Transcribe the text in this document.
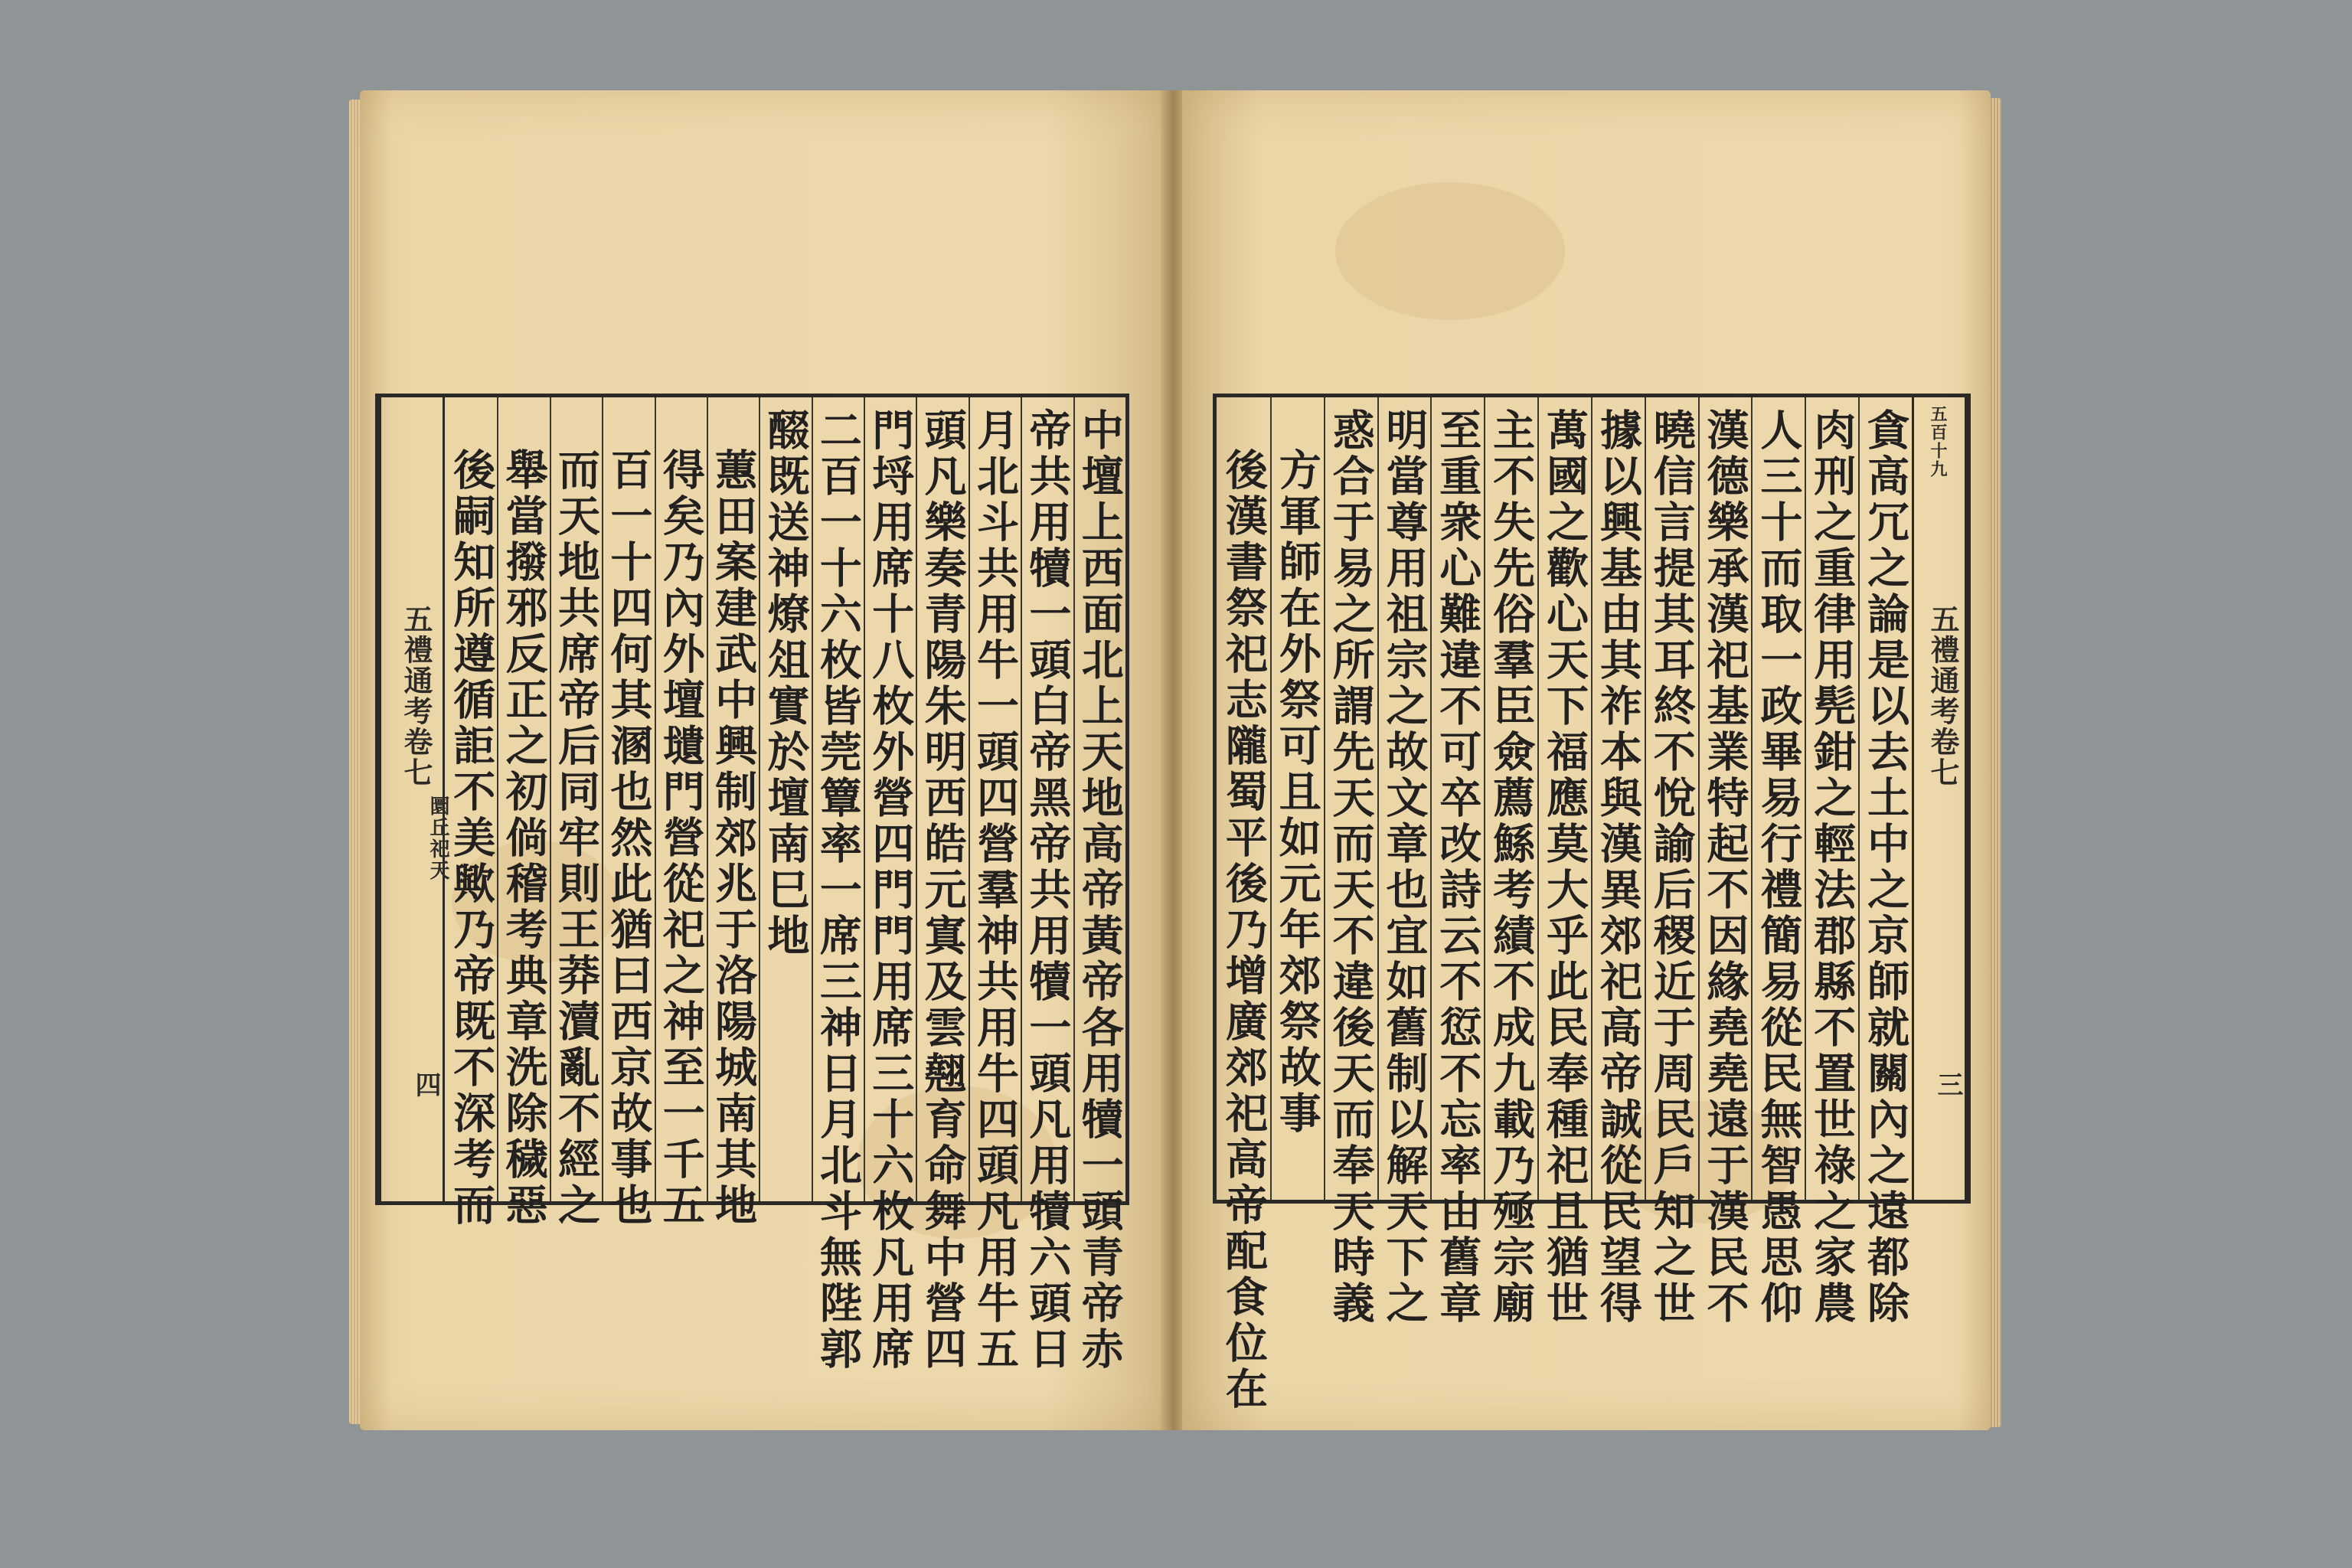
五禮通考卷七
圜丘祀天
四	中壇上西面北上天地高帝黃帝各用犢一頭青帝赤
帝共用犢一頭白帝黑帝共用犢一頭凡用犢六頭日
月北斗共用牛一頭四營羣神共用牛四頭凡用牛五
頭凡樂奏青陽朱明西皓元寘及雲翹育命舞中營四
門埒用席十八枚外營四門門用席三十六枚凡用席
二百一十六枚皆莞簟率一席三神日月北斗無陛郭
醊既送神燎俎實於壇南巳地
蕙田案建武中興制郊兆于洛陽城南其地
得矣乃內外壇壝門營從祀之神至一千五
百一十四何其溷也然此猶曰西京故事也
而天地共席帝后同牢則王莽瀆亂不經之
舉當撥邪反正之初倘稽考典章洗除穢惡
後嗣知所遵循詎不美歟乃帝既不深考而	貪高冗之論是以去土中之京師就關內之遠都除
肉刑之重律用髡鉗之輕法郡縣不置世祿之家農
人三十而取一政畢易行禮簡易從民無智愚思仰
漢德樂承漢祀基業特起不因緣堯堯遠于漢民不
曉信言提其耳終不悅諭后稷近于周民戶知之世
據以興基由其祚本與漢異郊祀高帝誠從民望得
萬國之歡心天下福應莫大乎此民奉種祀且猶世
主不失先俗羣臣僉薦鯀考績不成九載乃殛宗廟
至重衆心難違不可卒改詩云不愆不忘率由舊章
明當尊用祖宗之故文章也宜如舊制以解天下之
惑合于易之所謂先天而天不違後天而奉天時義
方軍師在外祭可且如元年郊祭故事
後漢書祭祀志隴蜀平後乃增廣郊祀高帝配食位在
五百十九
五禮通考卷七
三
